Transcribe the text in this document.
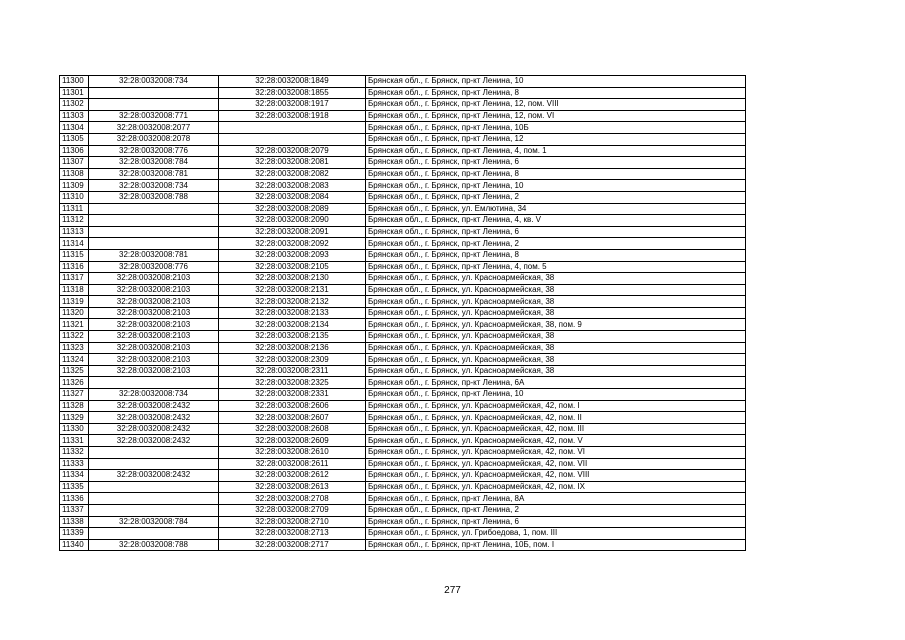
11300	32:28:0032008:734	32:28:0032008:1849	Брянская обл., г. Брянск, пр-кт Ленина, 10
11301		32:28:0032008:1855	Брянская обл., г. Брянск, пр-кт Ленина, 8
11302		32:28:0032008:1917	Брянская обл., г. Брянск, пр-кт Ленина, 12, пом. VIII
11303	32:28:0032008:771	32:28:0032008:1918	Брянская обл., г. Брянск, пр-кт Ленина, 12, пом. VI
11304	32:28:0032008:2077		Брянская обл., г. Брянск, пр-кт Ленина, 10Б
11305	32:28:0032008:2078		Брянская обл., г. Брянск, пр-кт Ленина, 12
11306	32:28:0032008:776	32:28:0032008:2079	Брянская обл., г. Брянск, пр-кт Ленина, 4, пом. 1
11307	32:28:0032008:784	32:28:0032008:2081	Брянская обл., г. Брянск, пр-кт Ленина, 6
11308	32:28:0032008:781	32:28:0032008:2082	Брянская обл., г. Брянск, пр-кт Ленина, 8
11309	32:28:0032008:734	32:28:0032008:2083	Брянская обл., г. Брянск, пр-кт Ленина, 10
11310	32:28:0032008:788	32:28:0032008:2084	Брянская обл., г. Брянск, пр-кт Ленина, 2
11311		32:28:0032008:2089	Брянская обл., г. Брянск, ул. Емлютина, 34
11312		32:28:0032008:2090	Брянская обл., г. Брянск, пр-кт Ленина, 4, кв. V
11313		32:28:0032008:2091	Брянская обл., г. Брянск, пр-кт Ленина, 6
11314		32:28:0032008:2092	Брянская обл., г. Брянск, пр-кт Ленина, 2
11315	32:28:0032008:781	32:28:0032008:2093	Брянская обл., г. Брянск, пр-кт Ленина, 8
11316	32:28:0032008:776	32:28:0032008:2105	Брянская обл., г. Брянск, пр-кт Ленина, 4, пом. 5
11317	32:28:0032008:2103	32:28:0032008:2130	Брянская обл., г. Брянск, ул. Красноармейская, 38
11318	32:28:0032008:2103	32:28:0032008:2131	Брянская обл., г. Брянск, ул. Красноармейская, 38
11319	32:28:0032008:2103	32:28:0032008:2132	Брянская обл., г. Брянск, ул. Красноармейская, 38
11320	32:28:0032008:2103	32:28:0032008:2133	Брянская обл., г. Брянск, ул. Красноармейская, 38
11321	32:28:0032008:2103	32:28:0032008:2134	Брянская обл., г. Брянск, ул. Красноармейская, 38, пом. 9
11322	32:28:0032008:2103	32:28:0032008:2135	Брянская обл., г. Брянск, ул. Красноармейская, 38
11323	32:28:0032008:2103	32:28:0032008:2136	Брянская обл., г. Брянск, ул. Красноармейская, 38
11324	32:28:0032008:2103	32:28:0032008:2309	Брянская обл., г. Брянск, ул. Красноармейская, 38
11325	32:28:0032008:2103	32:28:0032008:2311	Брянская обл., г. Брянск, ул. Красноармейская, 38
11326		32:28:0032008:2325	Брянская обл., г. Брянск, пр-кт Ленина, 6А
11327	32:28:0032008:734	32:28:0032008:2331	Брянская обл., г. Брянск, пр-кт Ленина, 10
11328	32:28:0032008:2432	32:28:0032008:2606	Брянская обл., г. Брянск, ул. Красноармейская, 42, пом. I
11329	32:28:0032008:2432	32:28:0032008:2607	Брянская обл., г. Брянск, ул. Красноармейская, 42, пом. II
11330	32:28:0032008:2432	32:28:0032008:2608	Брянская обл., г. Брянск, ул. Красноармейская, 42, пом. III
11331	32:28:0032008:2432	32:28:0032008:2609	Брянская обл., г. Брянск, ул. Красноармейская, 42, пом. V
11332		32:28:0032008:2610	Брянская обл., г. Брянск, ул. Красноармейская, 42, пом. VI
11333		32:28:0032008:2611	Брянская обл., г. Брянск, ул. Красноармейская, 42, пом. VII
11334	32:28:0032008:2432	32:28:0032008:2612	Брянская обл., г. Брянск, ул. Красноармейская, 42, пом. VIII
11335		32:28:0032008:2613	Брянская обл., г. Брянск, ул. Красноармейская, 42, пом. IX
11336		32:28:0032008:2708	Брянская обл., г. Брянск, пр-кт Ленина, 8А
11337		32:28:0032008:2709	Брянская обл., г. Брянск, пр-кт Ленина, 2
11338	32:28:0032008:784	32:28:0032008:2710	Брянская обл., г. Брянск, пр-кт Ленина, 6
11339		32:28:0032008:2713	Брянская обл., г. Брянск, ул. Грибоедова, 1, пом. III
11340	32:28:0032008:788	32:28:0032008:2717	Брянская обл., г. Брянск, пр-кт Ленина, 10Б, пом. I
277
